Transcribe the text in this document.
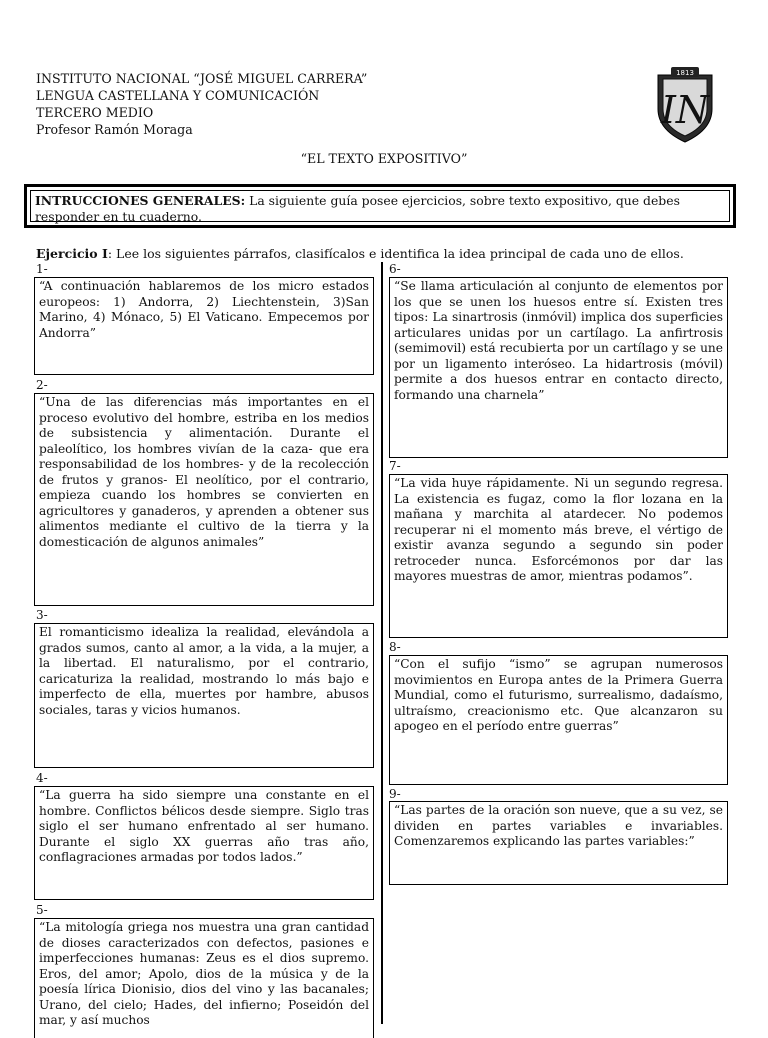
INSTITUTO NACIONAL “JOSÉ MIGUEL CARRERA”
LENGUA CASTELLANA Y COMUNICACIÓN
TERCERO MEDIO
Profesor Ramón Moraga
1813
IN
“EL TEXTO EXPOSITIVO”
INTRUCCIONES GENERALES: La siguiente guía posee ejercicios, sobre texto expositivo, que debes responder en tu cuaderno.
Ejercicio I: Lee los siguientes párrafos, clasifícalos e identifica la idea principal de cada uno de ellos.
1-

“A continuación hablaremos de los micro estados europeos: 1) Andorra, 2) Liechtenstein, 3)San Marino, 4) Mónaco, 5) El Vaticano. Empecemos por Andorra”

2-

“Una de las diferencias más importantes en el proceso evolutivo del hombre, estriba en los medios de subsistencia y alimentación. Durante el paleolítico, los hombres vivían de la caza- que era responsabilidad de los hombres- y de la recolección de frutos y granos- El neolítico, por el contrario, empieza cuando los hombres se convierten en agricultores y ganaderos, y aprenden a obtener sus alimentos mediante el cultivo de la tierra y la domesticación de algunos animales”

3-

El romanticismo idealiza la realidad, elevándola a grados sumos, canto al amor, a la vida, a la mujer, a la libertad. El naturalismo, por el contrario, caricaturiza la realidad, mostrando lo más bajo e imperfecto de ella, muertes por hambre, abusos sociales, taras y vicios humanos.

4-

“La guerra ha sido siempre una constante en el hombre. Conflictos bélicos desde siempre. Siglo tras siglo el ser humano enfrentado al ser humano. Durante el siglo XX guerras año tras año, conflagraciones armadas por todos lados.”

5-

“La mitología griega nos muestra una gran cantidad de dioses caracterizados con defectos, pasiones e imperfecciones humanas: Zeus es el dios supremo. Eros, del amor; Apolo, dios de la música y de la poesía lírica Dionisio, dios del vino y las bacanales; Urano, del cielo; Hades, del infierno; Poseidón del mar, y así muchos

6-

“Se llama articulación al conjunto de elementos por los que se unen los huesos entre sí. Existen tres tipos: La sinartrosis (inmóvil) implica dos superficies articulares unidas por un cartílago. La anfirtrosis (semimovil) está recubierta por un cartílago y se une por un ligamento interóseo. La hidartrosis (móvil) permite a dos huesos entrar en contacto directo, formando una charnela”

7-

“La vida huye rápidamente. Ni un segundo regresa. La existencia es fugaz, como la flor lozana en la mañana y marchita al atardecer. No podemos recuperar ni el momento más breve, el vértigo de existir avanza segundo a segundo sin poder retroceder nunca. Esforcémonos por dar las mayores muestras de amor, mientras podamos”.

8-

“Con el sufijo “ismo” se agrupan numerosos movimientos en Europa antes de la Primera Guerra Mundial, como el futurismo, surrealismo, dadaísmo, ultraísmo, creacionismo etc. Que alcanzaron su apogeo en el período entre guerras”

9-

“Las partes de la oración son nueve, que a su vez, se dividen en partes variables e invariables. Comenzaremos explicando las partes variables:”
